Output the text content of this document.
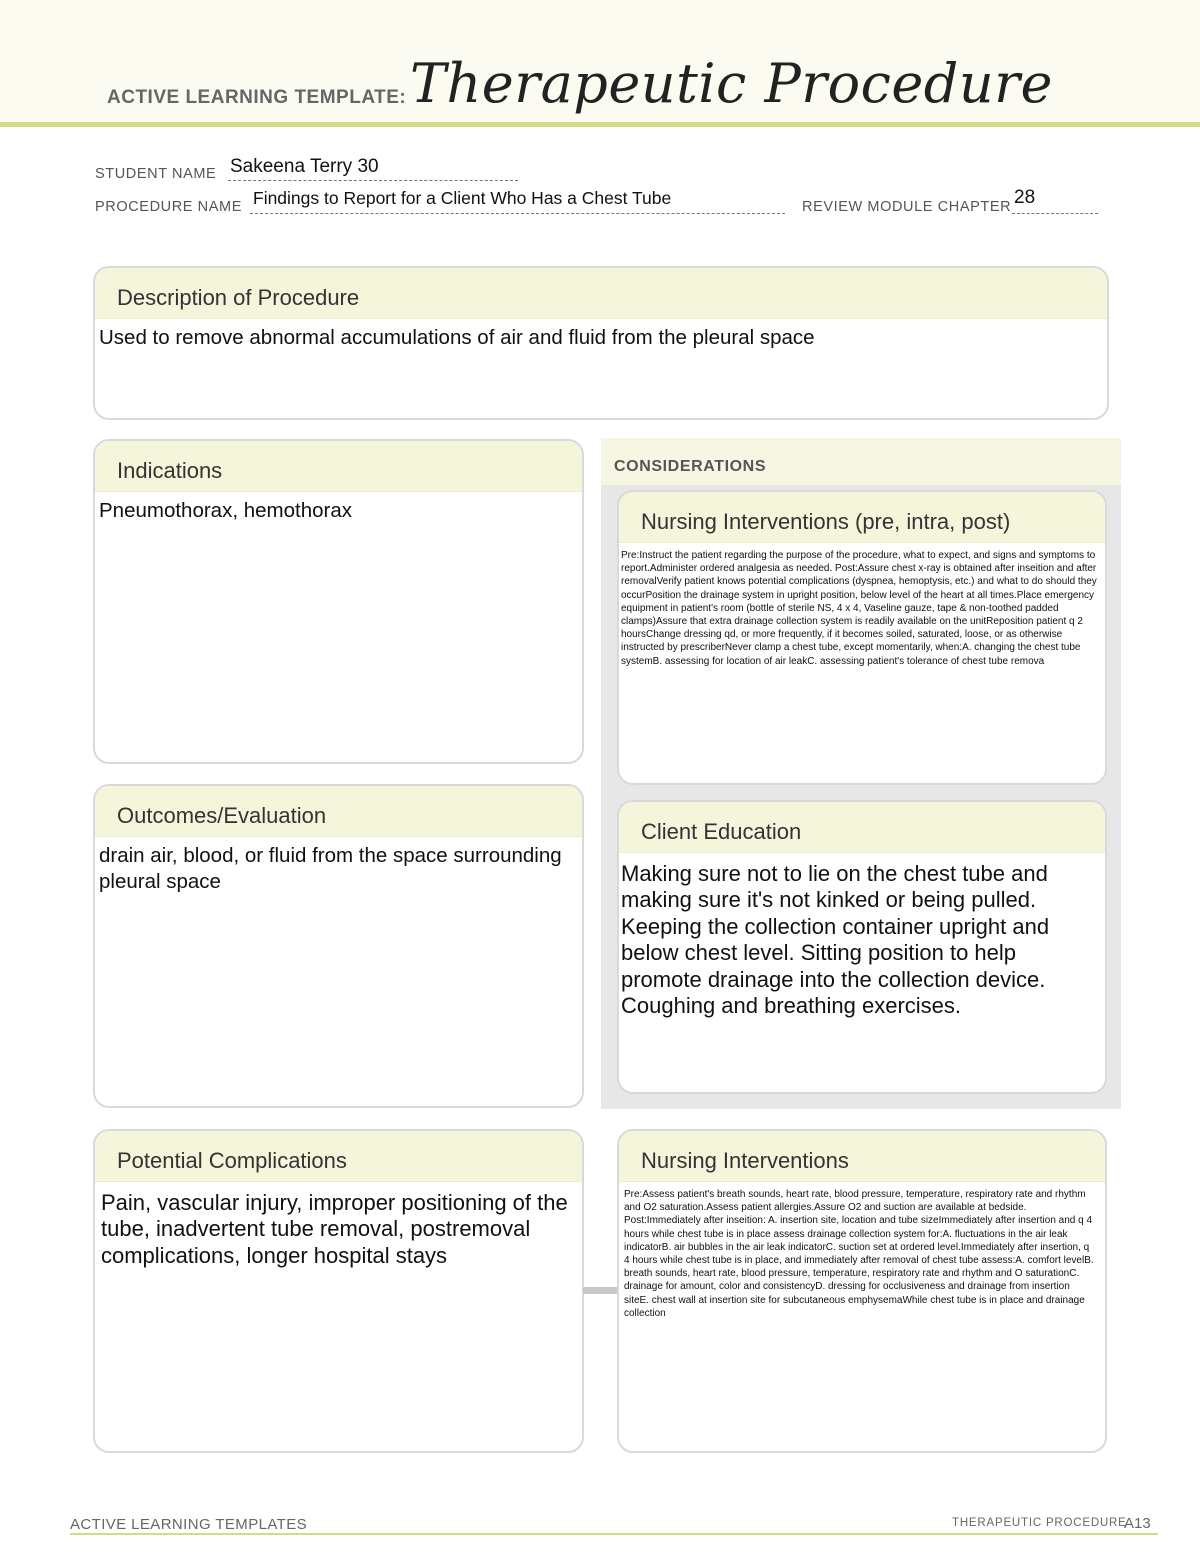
ACTIVE LEARNING TEMPLATE: Therapeutic Procedure
STUDENT NAME Sakeena Terry 30
PROCEDURE NAME Findings to Report for a Client Who Has a Chest Tube	REVIEW MODULE CHAPTER 28
Description of Procedure
Used to remove abnormal accumulations of air and fluid from the pleural space
Indications
Pneumothorax, hemothorax
CONSIDERATIONS
Nursing Interventions (pre, intra, post)
Pre:Instruct the patient regarding the purpose of the procedure, what to expect, and signs and symptoms to report.Administer ordered analgesia as needed. Post:Assure chest x-ray is obtained after inseition and after removalVerify patient knows potential complications (dyspnea, hemoptysis, etc.) and what to do should they occurPosition the drainage system in upright position, below level of the heart at all times.Place emergency equipment in patient's room (bottle of sterile NS, 4 x 4, Vaseline gauze, tape & non-toothed padded clamps)Assure that extra drainage collection system is readily available on the unitReposition patient q 2 hoursChange dressing qd, or more frequently, if it becomes soiled, saturated, loose, or as otherwise instructed by prescriberNever clamp a chest tube, except momentarily, when:A. changing the chest tube systemB. assessing for location of air leakC. assessing patient's tolerance of chest tube remova
Client Education
Making sure not to lie on the chest tube and making sure it's not kinked or being pulled. Keeping the collection container upright and below chest level. Sitting position to help promote drainage into the collection device. Coughing and breathing exercises.
Outcomes/Evaluation
drain air, blood, or fluid from the space surrounding pleural space
Potential Complications
Pain, vascular injury, improper positioning of the tube, inadvertent tube removal, postremoval complications, longer hospital stays
Nursing Interventions
Pre:Assess patient's breath sounds, heart rate, blood pressure, temperature, respiratory rate and rhythm and O2 saturation.Assess patient allergies.Assure O2 and suction are available at bedside. Post:Immediately after inseition: A. insertion site, location and tube sizeImmediately after insertion and q 4 hours while chest tube is in place assess drainage collection system for:A. fluctuations in the air leak indicatorB. air bubbles in the air leak indicatorC. suction set at ordered level.Immediately after insertion, q 4 hours while chest tube is in place, and immediately after removal of chest tube assess:A. comfort levelB. breath sounds, heart rate, blood pressure, temperature, respiratory rate and rhythm and O saturationC. drainage for amount, color and consistencyD. dressing for occlusiveness and drainage from insertion siteE. chest wall at insertion site for subcutaneous emphysemaWhile chest tube is in place and drainage collection
ACTIVE LEARNING TEMPLATES	THERAPEUTIC PROCEDURE
A13
